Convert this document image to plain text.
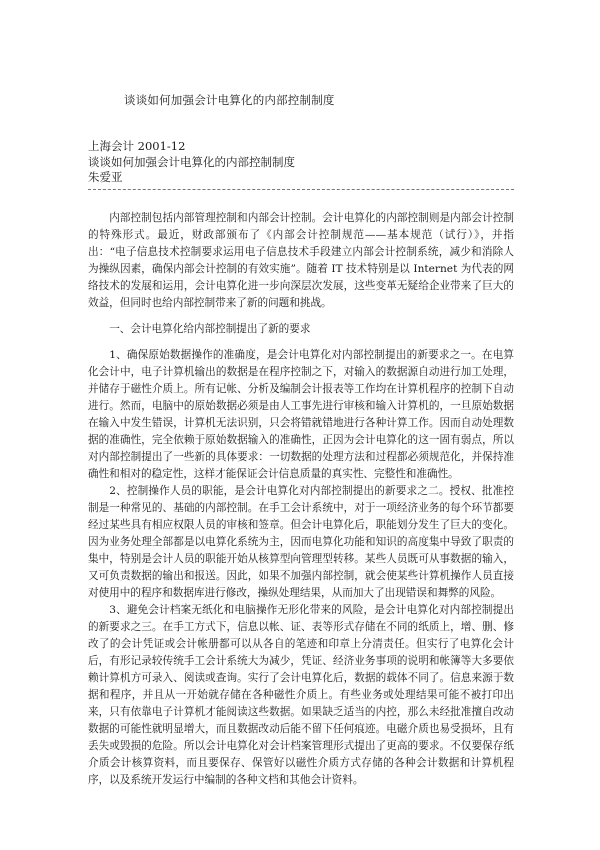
谈谈如何加强会计电算化的内部控制制度
上海会计 2001-12
谈谈如何加强会计电算化的内部控制制度
朱爱亚

内部控制包括内部管理控制和内部会计控制。会计电算化的内部控制则是内部会计控制的特殊形式。最近，财政部颁布了《内部会计控制规范——基本规范（试行）》，并指出：“电子信息技术控制要求运用电子信息技术手段建立内部会计控制系统，减少和消除人为操纵因素，确保内部会计控制的有效实施”。随着 IT 技术特别是以 Internet 为代表的网络技术的发展和运用，会计电算化进一步向深层次发展，这些变革无疑给企业带来了巨大的效益，但同时也给内部控制带来了新的问题和挑战。

一、会计电算化给内部控制提出了新的要求

1、确保原始数据操作的准确度，是会计电算化对内部控制提出的新要求之一。在电算化会计中，电子计算机输出的数据是在程序控制之下，对输入的数据源自动进行加工处理，并储存于磁性介质上。所有记帐、分析及编制会计报表等工作均在计算机程序的控制下自动进行。然而，电脑中的原始数据必须是由人工事先进行审核和输入计算机的，一旦原始数据在输入中发生错误，计算机无法识别，只会将错就错地进行各种计算工作。因而自动处理数据的准确性，完全依赖于原始数据输入的准确性，正因为会计电算化的这一固有弱点，所以对内部控制提出了一些新的具体要求：一切数据的处理方法和过程都必须规范化，并保持准确性和相对的稳定性，这样才能保证会计信息质量的真实性、完整性和准确性。

2、控制操作人员的职能，是会计电算化对内部控制提出的新要求之二。授权、批准控制是一种常见的、基础的内部控制。在手工会计系统中，对于一项经济业务的每个环节都要经过某些具有相应权限人员的审核和签章。但会计电算化后，职能划分发生了巨大的变化。因为业务处理全部都是以电算化系统为主，因而电算化功能和知识的高度集中导致了职责的集中，特别是会计人员的职能开始从核算型向管理型转移。某些人员既可从事数据的输入，又可负责数据的输出和报送。因此，如果不加强内部控制，就会使某些计算机操作人员直接对使用中的程序和数据库进行修改，操纵处理结果，从而加大了出现错误和舞弊的风险。

3、避免会计档案无纸化和电脑操作无形化带来的风险，是会计电算化对内部控制提出的新要求之三。在手工方式下，信息以帐、证、表等形式存储在不同的纸质上，增、删、修改了的会计凭证或会计帐册都可以从各自的笔迹和印章上分清责任。但实行了电算化会计后，有形记录较传统手工会计系统大为减少，凭证、经济业务事项的说明和帐簿等大多要依赖计算机方可录入、阅读或查询。实行了会计电算化后，数据的载体不同了。信息来源于数据和程序，并且从一开始就存储在各种磁性介质上。有些业务或处理结果可能不被打印出来，只有依靠电子计算机才能阅读这些数据。如果缺乏适当的内控，那么未经批准擅自改动数据的可能性就明显增大，而且数据改动后能不留下任何痕迹。电磁介质也易受损坏，且有丢失或毁损的危险。所以会计电算化对会计档案管理形式提出了更高的要求。不仅要保存纸介质会计核算资料，而且要保存、保管好以磁性介质方式存储的各种会计数据和计算机程序，以及系统开发运行中编制的各种文档和其他会计资料。
